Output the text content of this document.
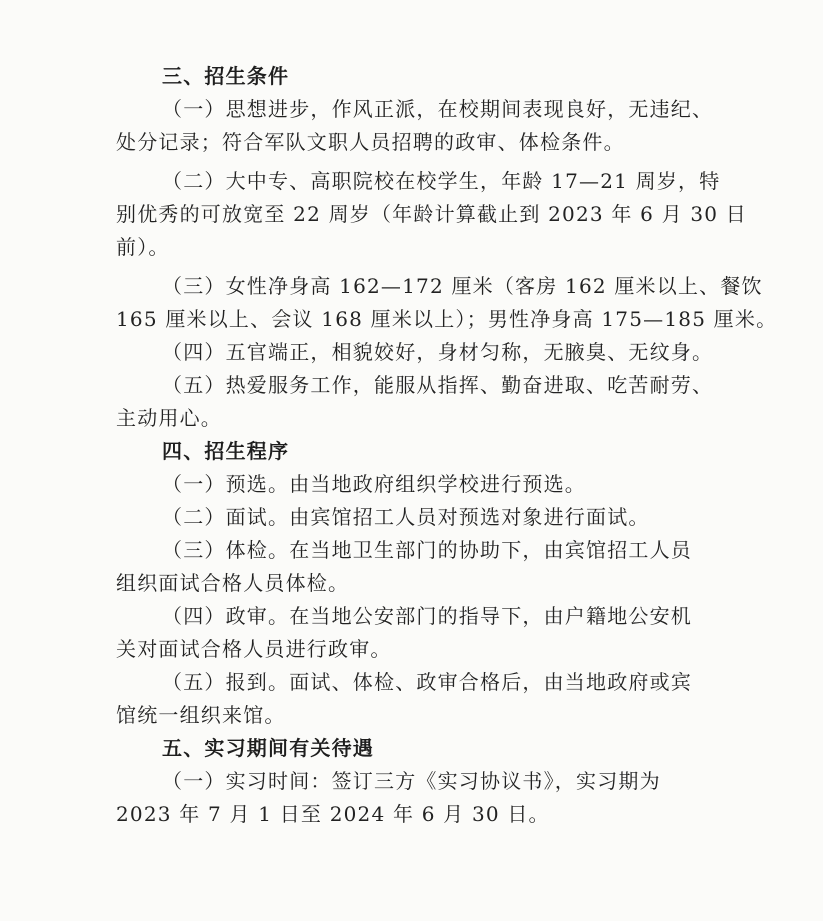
三、招生条件
（一）思想进步，作风正派，在校期间表现良好，无违纪、
处分记录；符合军队文职人员招聘的政审、体检条件。
（二）大中专、高职院校在校学生，年龄 17—21 周岁，特
别优秀的可放宽至 22 周岁（年龄计算截止到 2023 年 6 月 30 日
前）。
（三）女性净身高 162—172 厘米（客房 162 厘米以上、餐饮
165 厘米以上、会议 168 厘米以上）；男性净身高 175—185 厘米。
（四）五官端正，相貌姣好，身材匀称，无腋臭、无纹身。
（五）热爱服务工作，能服从指挥、勤奋进取、吃苦耐劳、
主动用心。
四、招生程序
（一）预选。由当地政府组织学校进行预选。
（二）面试。由宾馆招工人员对预选对象进行面试。
（三）体检。在当地卫生部门的协助下，由宾馆招工人员
组织面试合格人员体检。
（四）政审。在当地公安部门的指导下，由户籍地公安机
关对面试合格人员进行政审。
（五）报到。面试、体检、政审合格后，由当地政府或宾
馆统一组织来馆。
五、实习期间有关待遇
（一）实习时间：签订三方《实习协议书》，实习期为
2023 年 7 月 1 日至 2024 年 6 月 30 日。
